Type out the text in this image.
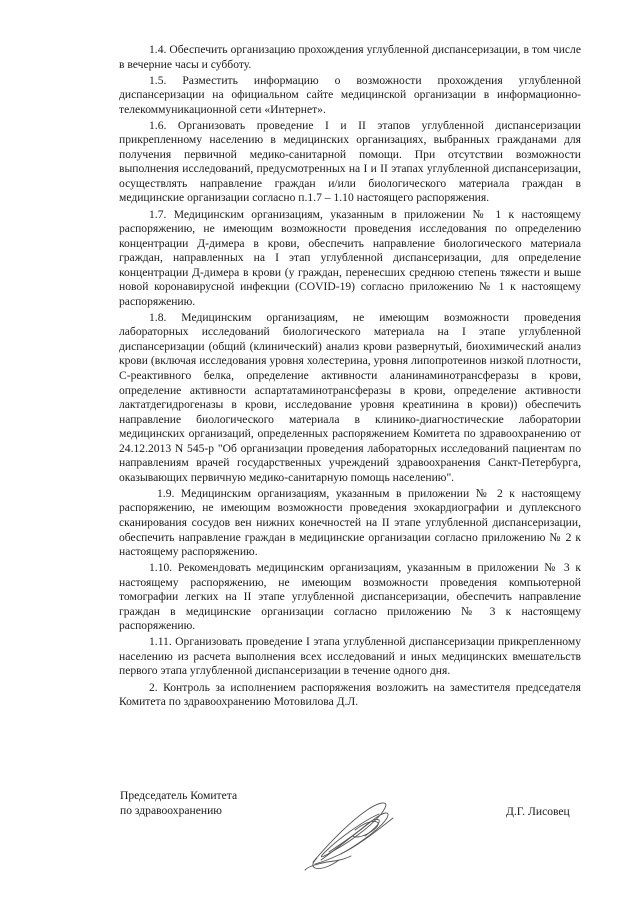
1.4. Обеспечить организацию прохождения углубленной диспансеризации, в том числе в вечерние часы и субботу.

1.5. Разместить информацию о возможности прохождения углубленной диспансеризации на официальном сайте медицинской организации в информационно-телекоммуникационной сети «Интернет».

1.6. Организовать проведение I и II этапов углубленной диспансеризации прикрепленному населению в медицинских организациях, выбранных гражданами для получения первичной медико-санитарной помощи. При отсутствии возможности выполнения исследований, предусмотренных на I и II этапах углубленной диспансеризации, осуществлять направление граждан и/или биологического материала граждан в медицинские организации согласно п.1.7 – 1.10 настоящего распоряжения.

1.7. Медицинским организациям, указанным в приложении № 1 к настоящему распоряжению, не имеющим возможности проведения исследования по определению концентрации Д-димера в крови, обеспечить направление биологического материала граждан, направленных на I этап углубленной диспансеризации, для определение концентрации Д-димера в крови (у граждан, перенесших среднюю степень тяжести и выше новой коронавирусной инфекции (COVID-19) согласно приложению № 1 к настоящему распоряжению.

1.8. Медицинским организациям, не имеющим возможности проведения лабораторных исследований биологического материала на I этапе углубленной диспансеризации (общий (клинический) анализ крови развернутый, биохимический анализ крови (включая исследования уровня холестерина, уровня липопротеинов низкой плотности, С-реактивного белка, определение активности аланинаминотрансферазы в крови, определение активности аспартатаминотрансферазы в крови, определение активности лактатдегидрогеназы в крови, исследование уровня креатинина в крови)) обеспечить направление биологического материала в клинико-диагностические лаборатории медицинских организаций, определенных распоряжением Комитета по здравоохранению от 24.12.2013 N 545-р "Об организации проведения лабораторных исследований пациентам по направлениям врачей государственных учреждений здравоохранения Санкт-Петербурга, оказывающих первичную медико-санитарную помощь населению".

1.9. Медицинским организациям, указанным в приложении № 2 к настоящему распоряжению, не имеющим возможности проведения эхокардиографии и дуплексного сканирования сосудов вен нижних конечностей на II этапе углубленной диспансеризации, обеспечить направление граждан в медицинские организации согласно приложению № 2 к настоящему распоряжению.

1.10. Рекомендовать медицинским организациям, указанным в приложении № 3 к настоящему распоряжению, не имеющим возможности проведения компьютерной томографии легких на II этапе углубленной диспансеризации, обеспечить направление граждан в медицинские организации согласно приложению № 3 к настоящему распоряжению.

1.11. Организовать проведение I этапа углубленной диспансеризации прикрепленному населению из расчета выполнения всех исследований и иных медицинских вмешательств первого этапа углубленной диспансеризации в течение одного дня.

2. Контроль за исполнением распоряжения возложить на заместителя председателя Комитета по здравоохранению Мотовилова Д.Л.

Председатель Комитета
по здравоохранению	Д.Г. Лисовец
